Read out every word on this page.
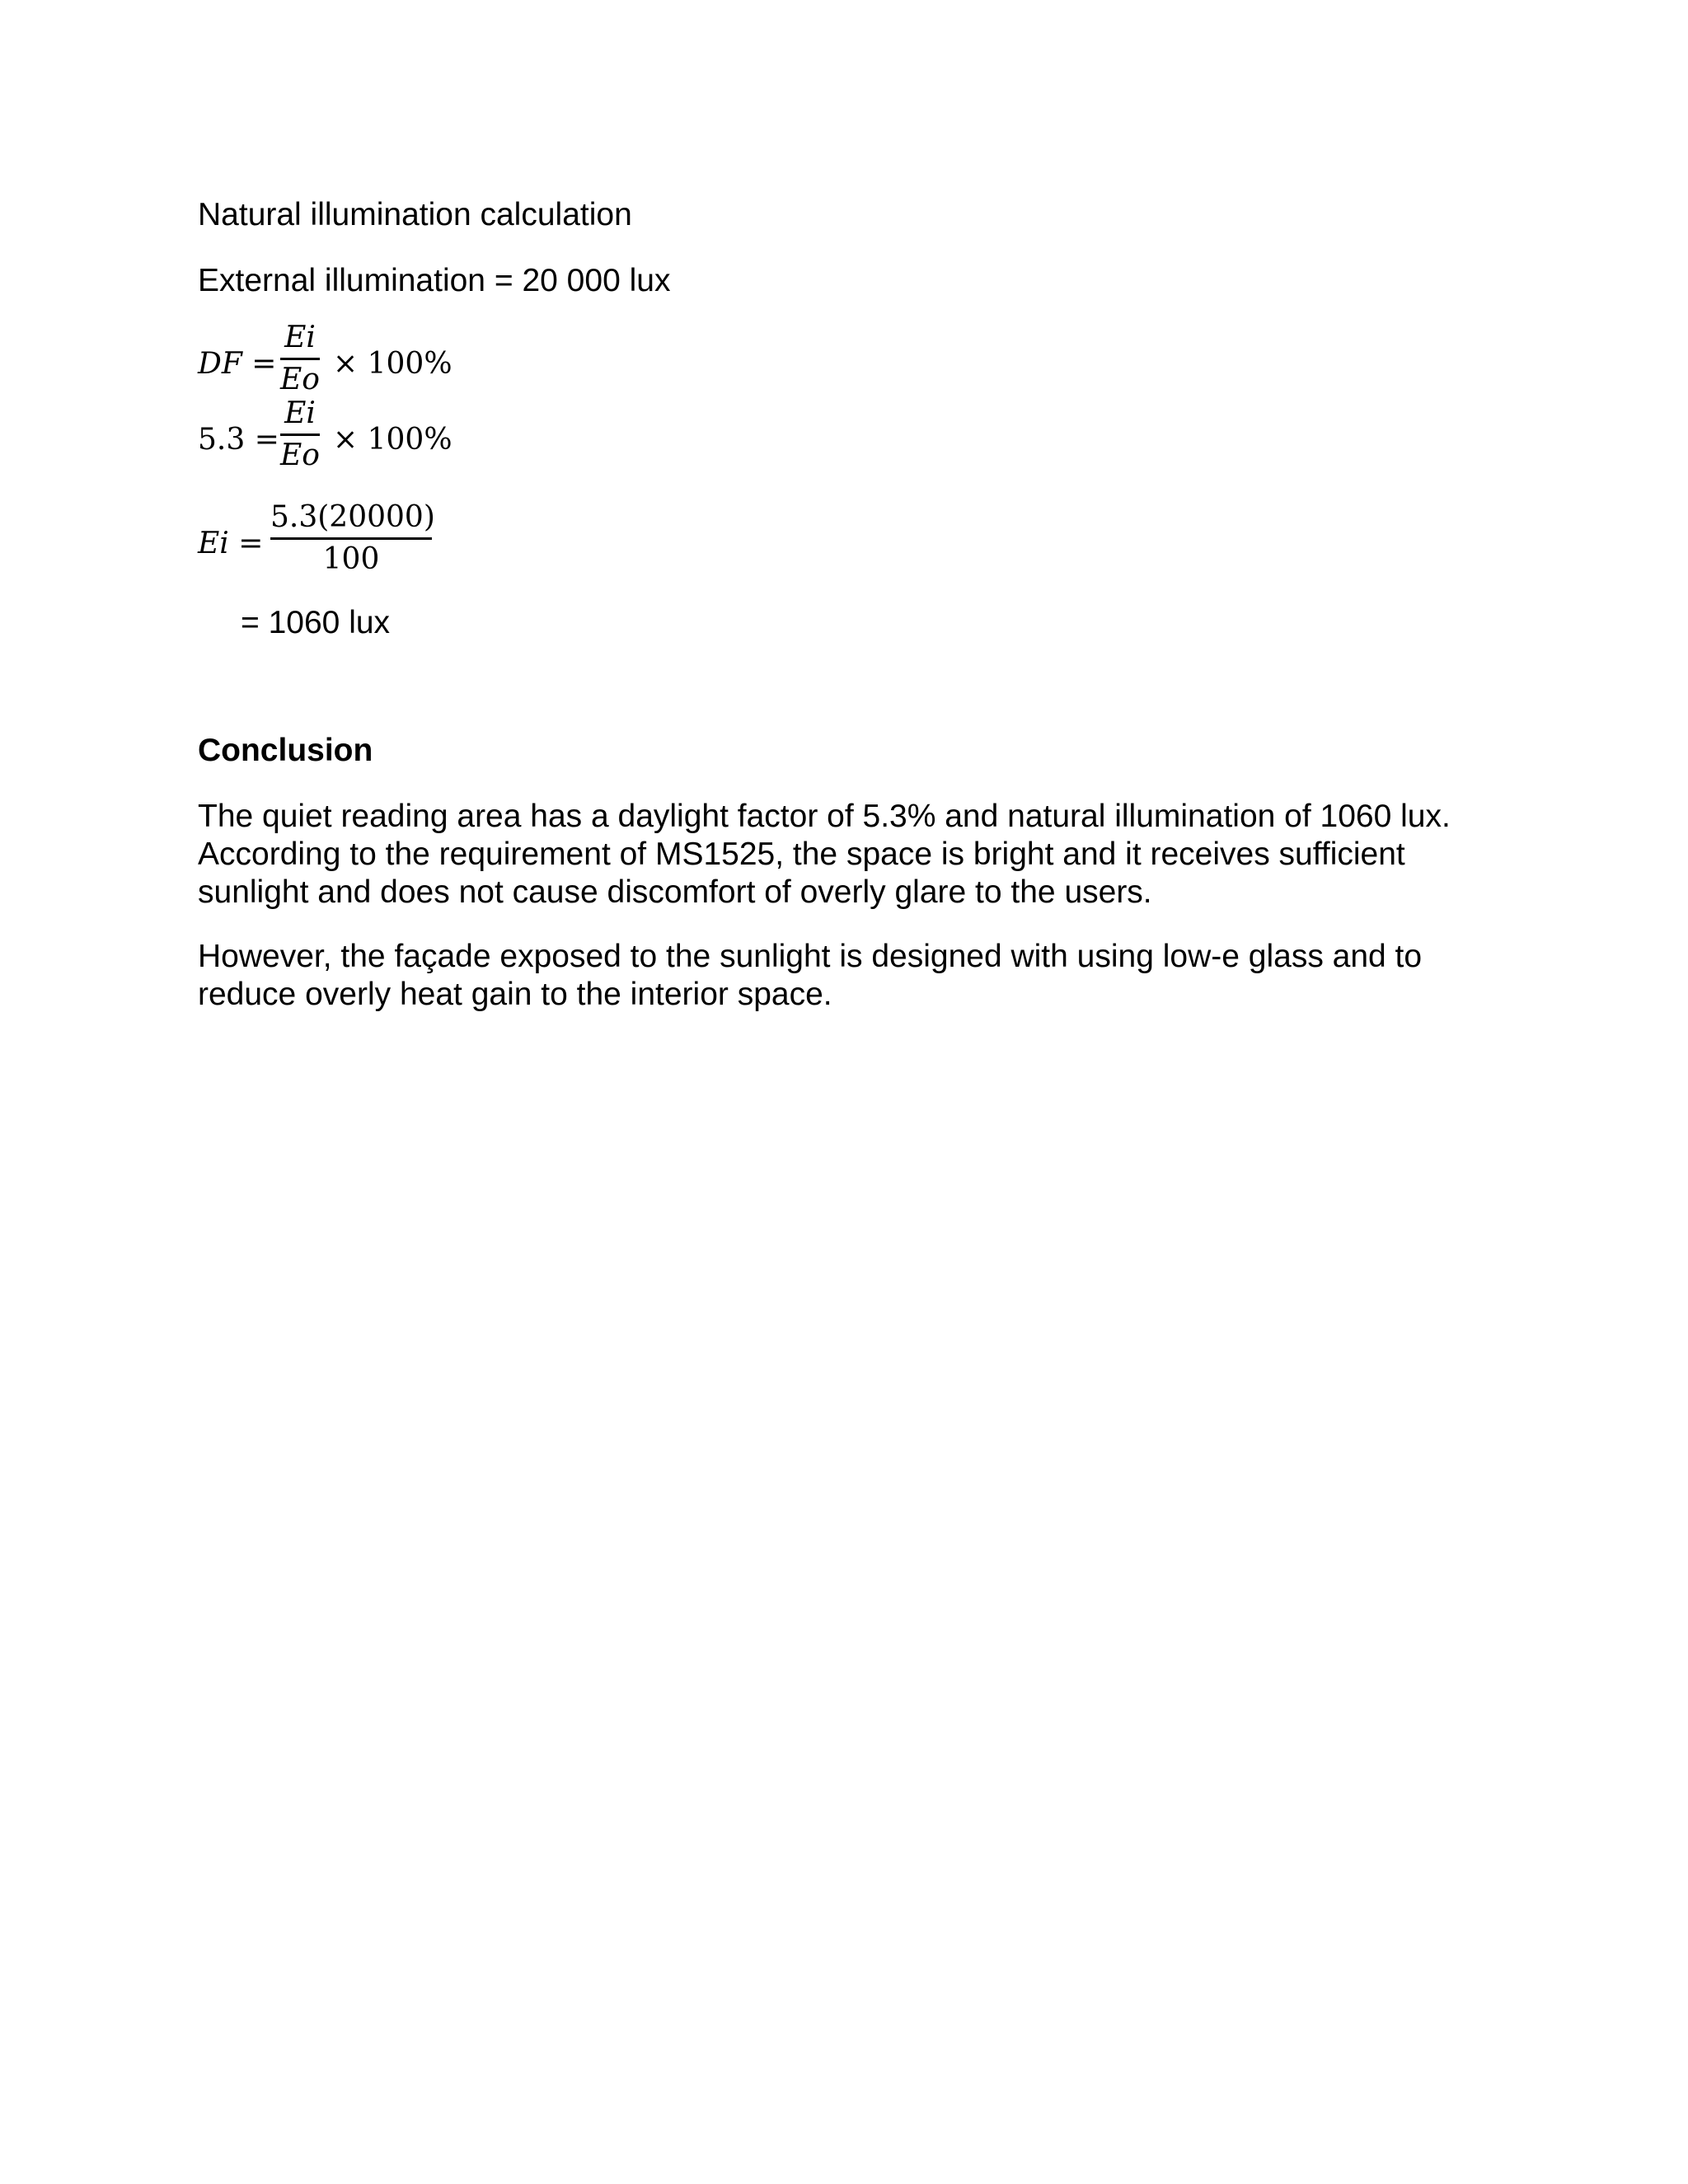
Natural illumination calculation
External illumination = 20 000 lux
DF =
Ei
Eo × 100%
5.3 =
Ei
Eo × 100%
Ei =
5.3(20000)
100
= 1060 lux
Conclusion
The quiet reading area has a daylight factor of 5.3% and natural illumination of 1060 lux.
According to the requirement of MS1525, the space is bright and it receives sufficient
sunlight and does not cause discomfort of overly glare to the users.
However, the façade exposed to the sunlight is designed with using low-e glass and to
reduce overly heat gain to the interior space.
